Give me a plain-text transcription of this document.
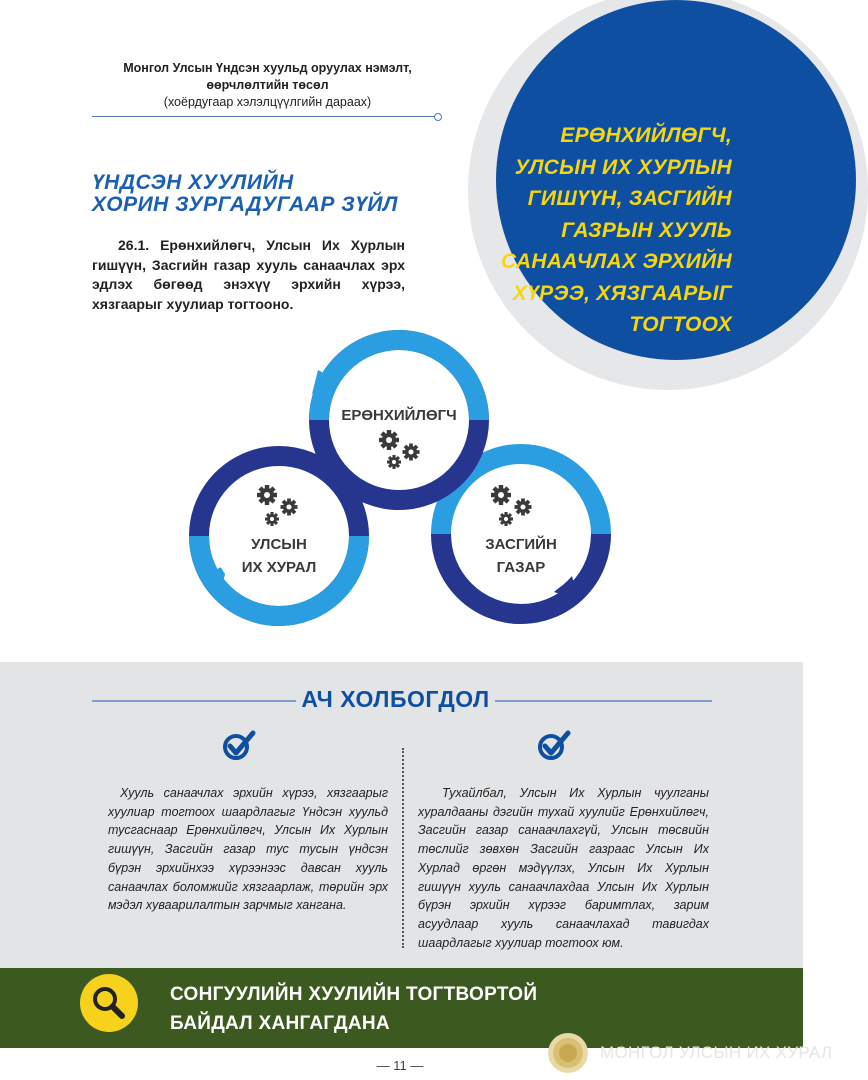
Монгол Улсын Үндсэн хуульд оруулах нэмэлт,
өөрчлөлтийн төсөл
(хоёрдугаар хэлэлцүүлгийн дараах)
ЕРӨНХИЙЛӨГЧ,
УЛСЫН ИХ ХУРЛЫН
ГИШҮҮН, ЗАСГИЙН
ГАЗРЫН ХУУЛЬ
САНААЧЛАХ ЭРХИЙН
ХҮРЭЭ, ХЯЗГААРЫГ
ТОГТООХ
ҮНДСЭН ХУУЛИЙН
ХОРИН ЗУРГАДУГААР ЗҮЙЛ
26.1. Ерөнхийлөгч, Улсын Их Хурлын гишүүн, Засгийн газар хууль санаачлах эрх эдлэх бөгөөд энэхүү эрхийн хүрээ, хязгаарыг хуулиар тогтооно.
ЕРӨНХИЙЛӨГЧ
УЛСЫН
ИХ ХУРАЛ
ЗАСГИЙН
ГАЗАР
АЧ ХОЛБОГДОЛ
Хууль санаачлах эрхийн хүрээ, хязгаарыг хуулиар тогтоох шаардлагыг Үндсэн хуульд тусгаснаар Ерөнхийлөгч, Улсын Их Хурлын гишүүн, Засгийн газар тус тусын үндсэн бүрэн эрхийнхээ хүрээнээс давсан хууль санаачлах боломжийг хязгаарлаж, төрийн эрх мэдэл хуваарилалтын зарчмыг хангана.
Тухайлбал, Улсын Их Хурлын чуулганы хуралдааны дэгийн тухай хуулийг Ерөнхийлөгч, Засгийн газар санаачлахгүй, Улсын төсвийн төслийг зөвхөн Засгийн газраас Улсын Их Хурлад өргөн мэдүүлэх, Улсын Их Хурлын гишүүн хууль санаачлахдаа Улсын Их Хурлын бүрэн эрхийн хүрээг баримтлах, зарим асуудлаар хууль санаачлахад тавигдах шаардлагыг хуулиар тогтоох юм.
СОНГУУЛИЙН ХУУЛИЙН ТОГТВОРТОЙ
БАЙДАЛ ХАНГАГДАНА
— 11 —
МОНГОЛ УЛСЫН ИХ ХУРАЛ
